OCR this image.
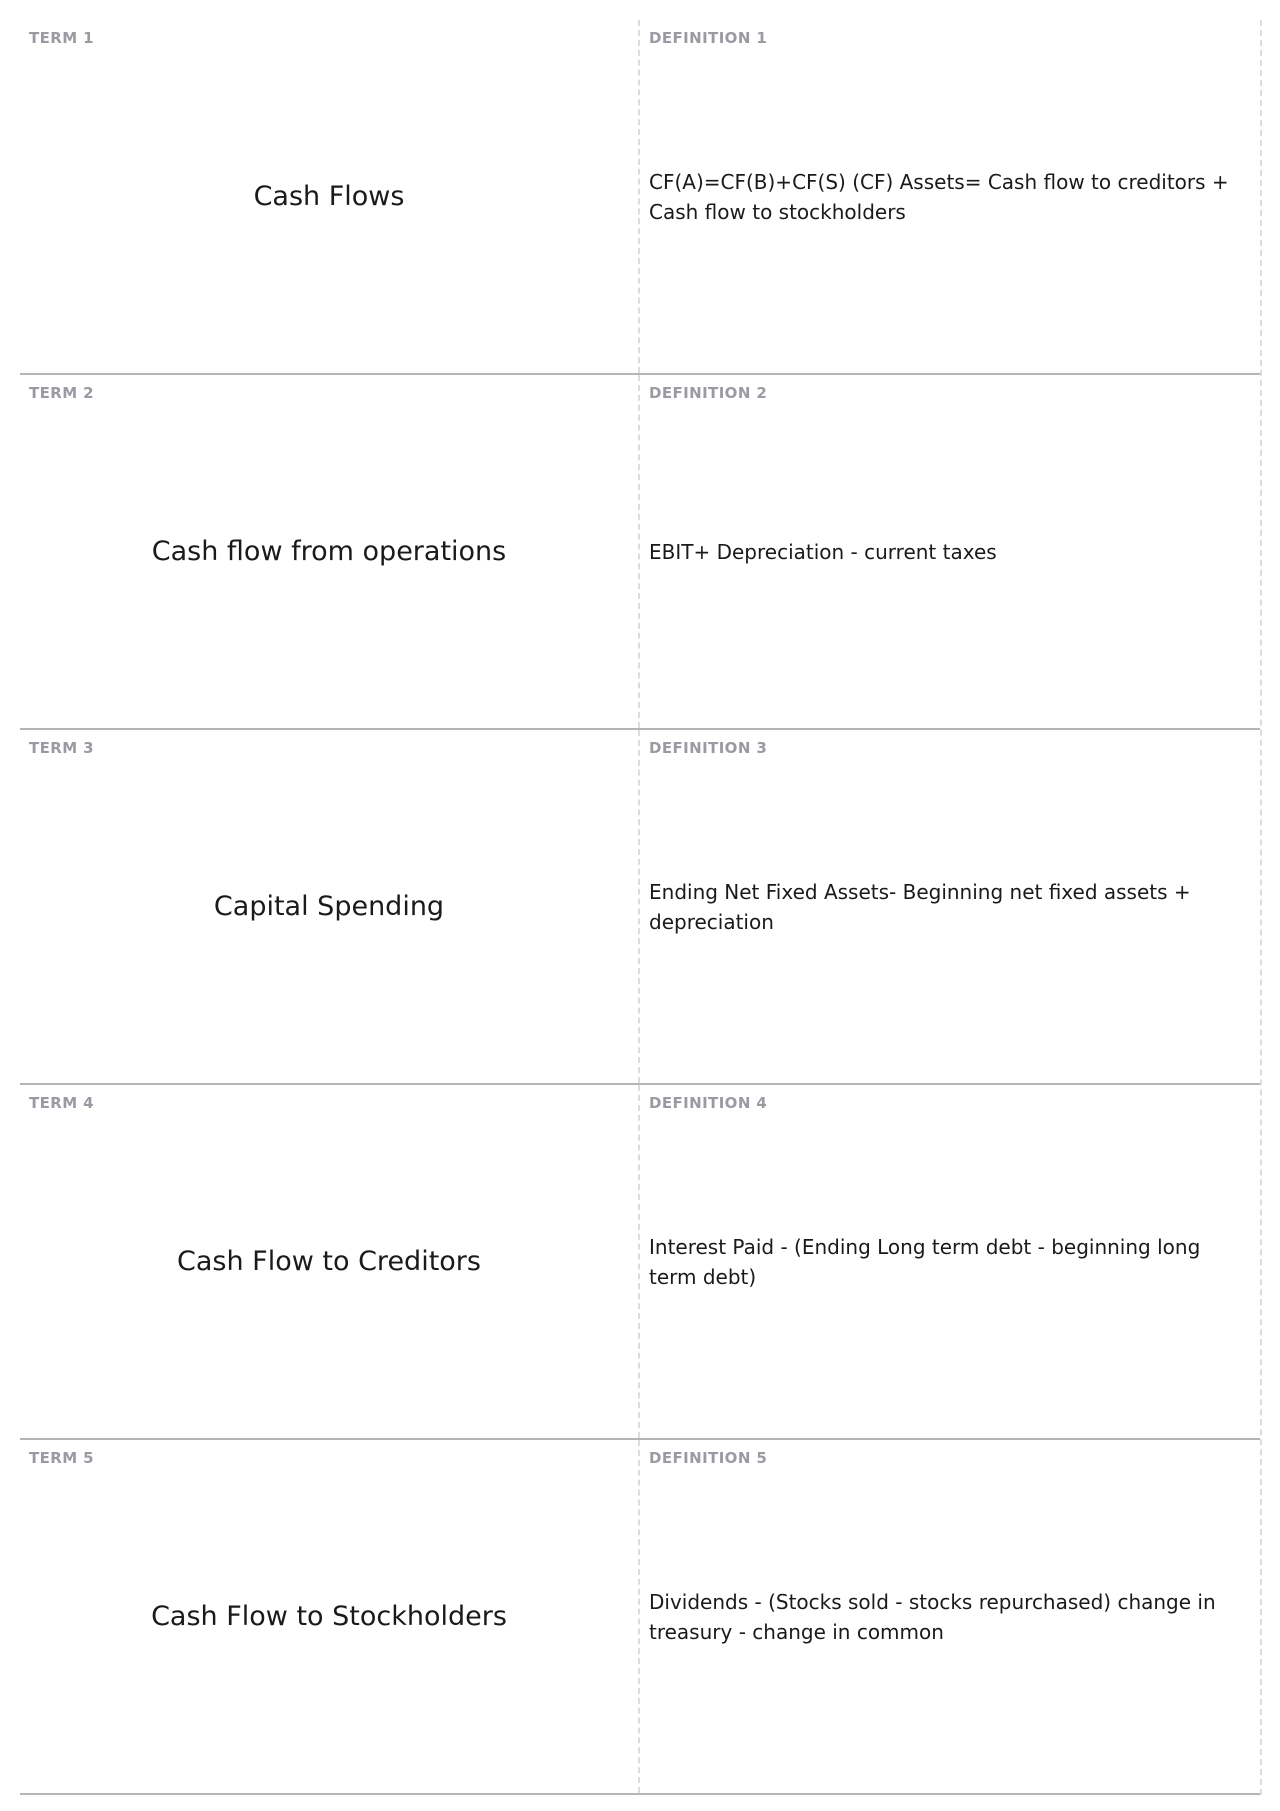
TERM 1
Cash Flows
DEFINITION 1
CF(A)=CF(B)+CF(S) (CF) Assets= Cash flow to creditors + Cash flow to stockholders
TERM 2
Cash flow from operations
DEFINITION 2
EBIT+ Depreciation - current taxes
TERM 3
Capital Spending
DEFINITION 3
Ending Net Fixed Assets- Beginning net fixed assets + depreciation
TERM 4
Cash Flow to Creditors
DEFINITION 4
Interest Paid - (Ending Long term debt - beginning long term debt)
TERM 5
Cash Flow to Stockholders
DEFINITION 5
Dividends - (Stocks sold - stocks repurchased) change in treasury - change in common
